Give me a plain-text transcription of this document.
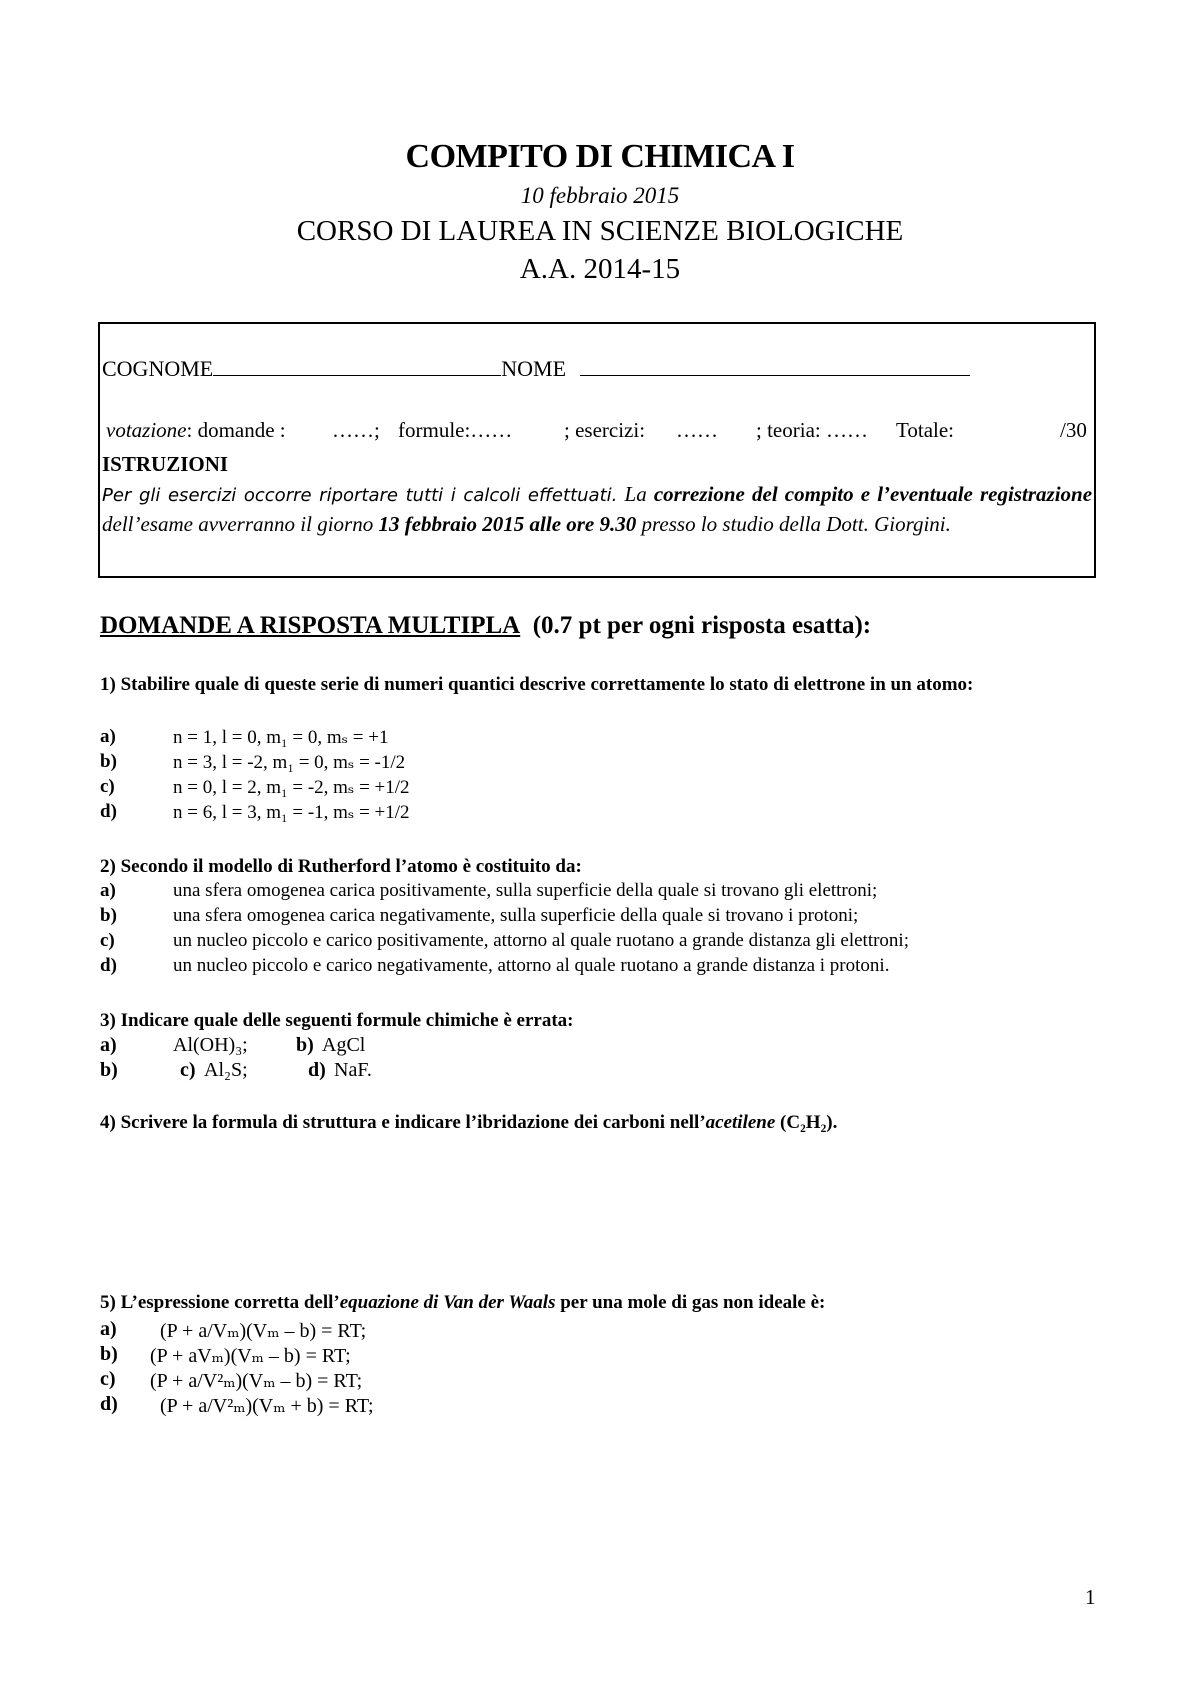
COMPITO DI CHIMICA I
10 febbraio 2015
CORSO DI LAUREA IN SCIENZE BIOLOGICHE
A.A. 2014-15
COGNOME	NOME
votazione: domande : ……; formule:…… ; esercizi: …… ; teoria: …… Totale:	/30
ISTRUZIONI
Per gli esercizi occorre riportare tutti i calcoli effettuati. La correzione del compito e l’eventuale registrazione dell’esame avverranno il giorno 13 febbraio 2015 alle ore 9.30 presso lo studio della Dott. Giorgini.
DOMANDE A RISPOSTA MULTIPLA (0.7 pt per ogni risposta esatta):
1) Stabilire quale di queste serie di numeri quantici descrive correttamente lo stato di elettrone in un atomo:
a)	n = 1, l = 0, m₁ = 0, mₛ = +1
b)	n = 3, l = -2, m₁ = 0, mₛ = -1/2
c)	n = 0, l = 2, m₁ = -2, mₛ = +1/2
d)	n = 6, l = 3, m₁ = -1, mₛ = +1/2
2) Secondo il modello di Rutherford l’atomo è costituito da:
a)	una sfera omogenea carica positivamente, sulla superficie della quale si trovano gli elettroni;
b)	una sfera omogenea carica negativamente, sulla superficie della quale si trovano i protoni;
c)	un nucleo piccolo e carico positivamente, attorno al quale ruotano a grande distanza gli elettroni;
d)	un nucleo piccolo e carico negativamente, attorno al quale ruotano a grande distanza i protoni.
3) Indicare quale delle seguenti formule chimiche è errata:
a)	Al(OH)₃; b) AgCl
b)	c) Al₂S;	d) NaF.
4) Scrivere la formula di struttura e indicare l’ibridazione dei carboni nell’acetilene (C₂H₂).
5) L’espressione corretta dell’equazione di Van der Waals per una mole di gas non ideale è:
a) (P + a/Vₘ)(Vₘ – b) = RT;
b) (P + aVₘ)(Vₘ – b) = RT;
c) (P + a/V²ₘ)(Vₘ – b) = RT;
d) (P + a/V²ₘ)(Vₘ + b) = RT;
1
